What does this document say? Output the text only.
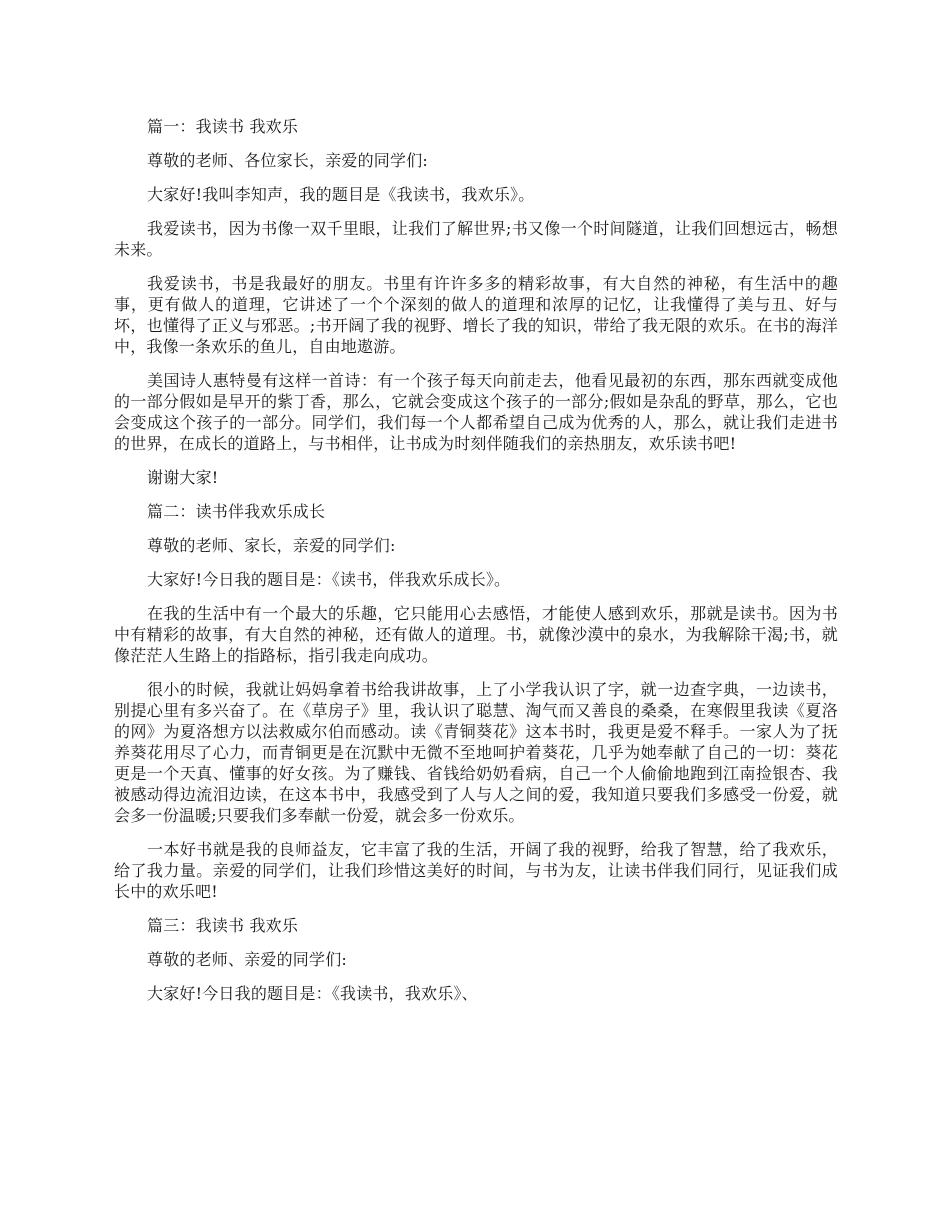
篇一：我读书 我欢乐

尊敬的老师、各位家长，亲爱的同学们:

大家好!我叫李知声，我的题目是《我读书，我欢乐》。

我爱读书，因为书像一双千里眼，让我们了解世界;书又像一个时间隧道，让我们回想远古，畅想未来。

我爱读书，书是我最好的朋友。书里有许许多多的精彩故事，有大自然的神秘，有生活中的趣事，更有做人的道理，它讲述了一个个深刻的做人的道理和浓厚的记忆，让我懂得了美与丑、好与坏，也懂得了正义与邪恶。;书开阔了我的视野、增长了我的知识，带给了我无限的欢乐。在书的海洋中，我像一条欢乐的鱼儿，自由地遨游。

美国诗人惠特曼有这样一首诗：有一个孩子每天向前走去，他看见最初的东西，那东西就变成他的一部分假如是早开的紫丁香，那么，它就会变成这个孩子的一部分;假如是杂乱的野草，那么，它也会变成这个孩子的一部分。同学们，我们每一个人都希望自己成为优秀的人，那么，就让我们走进书的世界，在成长的道路上，与书相伴，让书成为时刻伴随我们的亲热朋友，欢乐读书吧!

谢谢大家!

篇二：读书伴我欢乐成长

尊敬的老师、家长，亲爱的同学们:

大家好!今日我的题目是：《读书，伴我欢乐成长》。

在我的生活中有一个最大的乐趣，它只能用心去感悟，才能使人感到欢乐，那就是读书。因为书中有精彩的故事，有大自然的神秘，还有做人的道理。书，就像沙漠中的泉水，为我解除干渴;书，就像茫茫人生路上的指路标，指引我走向成功。

很小的时候，我就让妈妈拿着书给我讲故事，上了小学我认识了字，就一边查字典，一边读书，别提心里有多兴奋了。在《草房子》里，我认识了聪慧、淘气而又善良的桑桑，在寒假里我读《夏洛的网》为夏洛想方以法救威尔伯而感动。读《青铜葵花》这本书时，我更是爱不释手。一家人为了抚养葵花用尽了心力，而青铜更是在沉默中无微不至地呵护着葵花，几乎为她奉献了自己的一切：葵花更是一个天真、懂事的好女孩。为了赚钱、省钱给奶奶看病，自己一个人偷偷地跑到江南捡银杏、我被感动得边流泪边读，在这本书中，我感受到了人与人之间的爱，我知道只要我们多感受一份爱，就会多一份温暖;只要我们多奉献一份爱，就会多一份欢乐。

一本好书就是我的良师益友，它丰富了我的生活，开阔了我的视野，给我了智慧，给了我欢乐，给了我力量。亲爱的同学们，让我们珍惜这美好的时间，与书为友，让读书伴我们同行，见证我们成长中的欢乐吧!

篇三：我读书 我欢乐

尊敬的老师、亲爱的同学们:

大家好!今日我的题目是：《我读书，我欢乐》、
